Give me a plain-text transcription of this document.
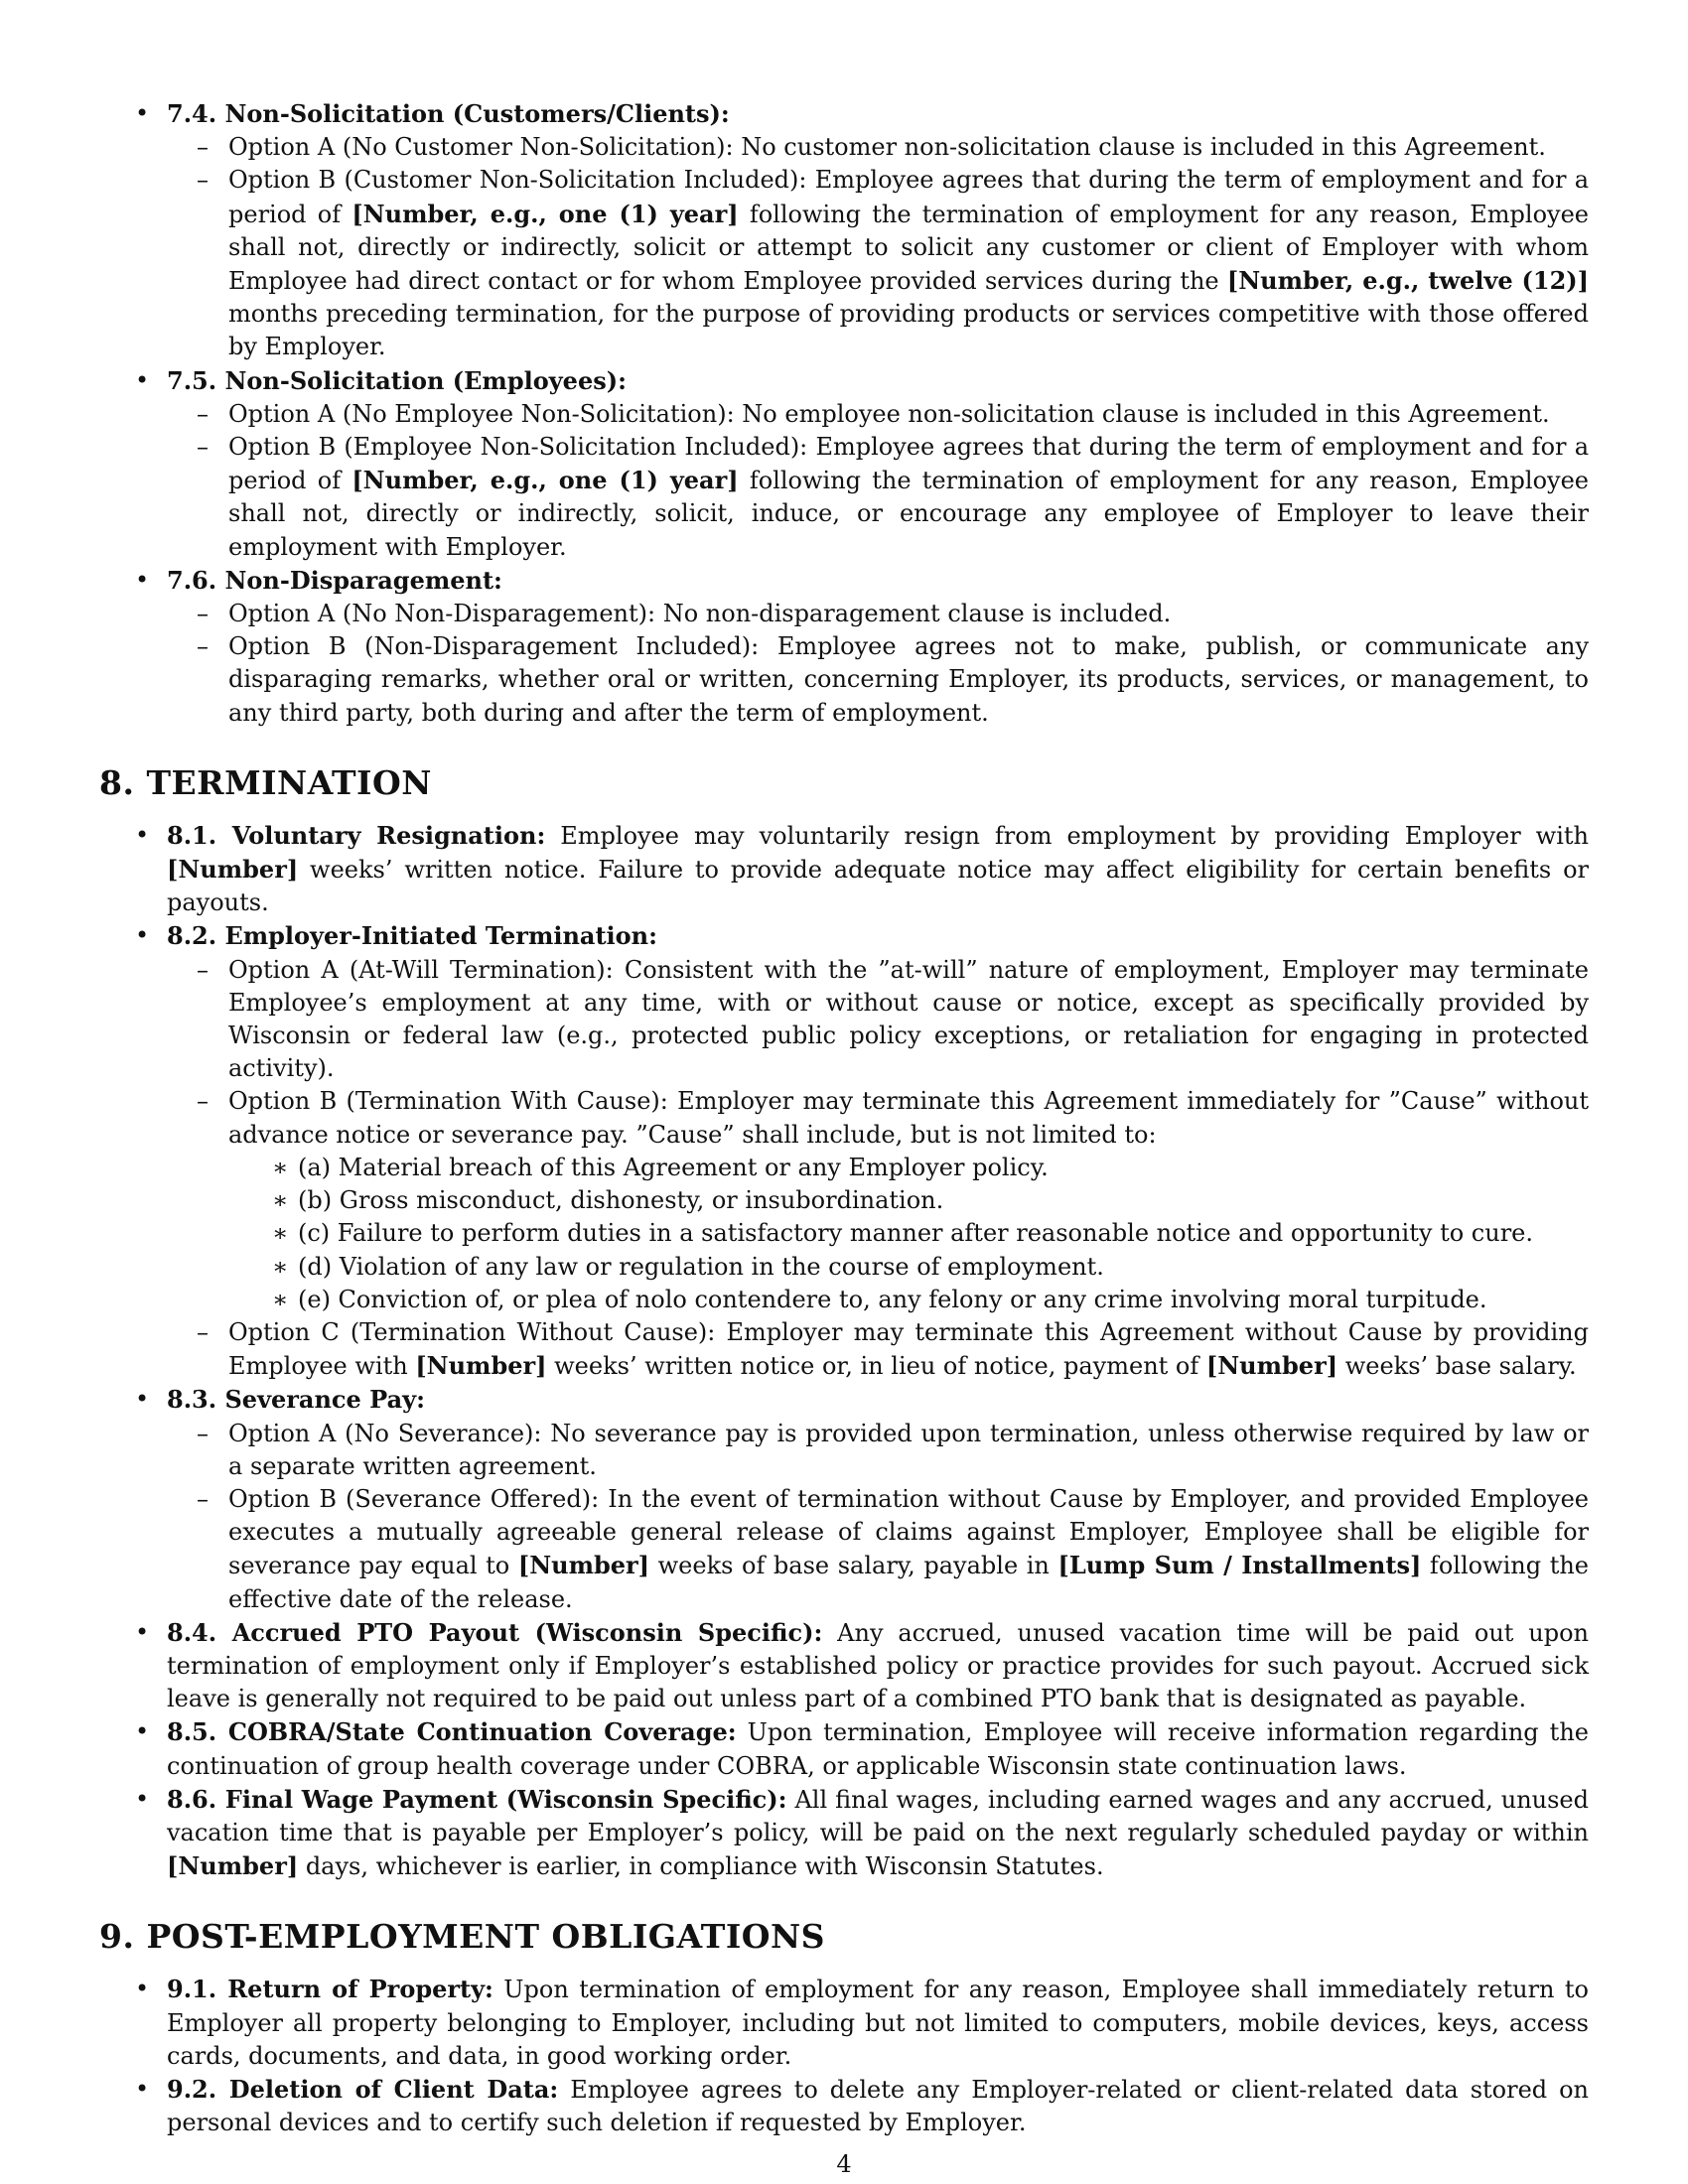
• 7.4. Non-Solicitation (Customers/Clients):
– Option A (No Customer Non-Solicitation): No customer non-solicitation clause is included in this Agreement.
– Option B (Customer Non-Solicitation Included): Employee agrees that during the term of employment and for a period of [Number, e.g., one (1) year] following the termination of employment for any reason, Employee shall not, directly or indirectly, solicit or attempt to solicit any customer or client of Employer with whom Employee had direct contact or for whom Employee provided services during the [Number, e.g., twelve (12)] months preceding termination, for the purpose of providing products or services competitive with those offered by Employer.
• 7.5. Non-Solicitation (Employees):
– Option A (No Employee Non-Solicitation): No employee non-solicitation clause is included in this Agreement.
– Option B (Employee Non-Solicitation Included): Employee agrees that during the term of employment and for a period of [Number, e.g., one (1) year] following the termination of employment for any reason, Employee shall not, directly or indirectly, solicit, induce, or encourage any employee of Employer to leave their employment with Employer.
• 7.6. Non-Disparagement:
– Option A (No Non-Disparagement): No non-disparagement clause is included.
– Option B (Non-Disparagement Included): Employee agrees not to make, publish, or communicate any disparaging remarks, whether oral or written, concerning Employer, its products, services, or management, to any third party, both during and after the term of employment.
8. TERMINATION
• 8.1. Voluntary Resignation: Employee may voluntarily resign from employment by providing Employer with [Number] weeks’ written notice. Failure to provide adequate notice may affect eligibility for certain benefits or payouts.
• 8.2. Employer-Initiated Termination:
– Option A (At-Will Termination): Consistent with the ”at-will” nature of employment, Employer may terminate Employee’s employment at any time, with or without cause or notice, except as specifically provided by Wisconsin or federal law (e.g., protected public policy exceptions, or retaliation for engaging in protected activity).
– Option B (Termination With Cause): Employer may terminate this Agreement immediately for ”Cause” without advance notice or severance pay. ”Cause” shall include, but is not limited to:
∗ (a) Material breach of this Agreement or any Employer policy.
∗ (b) Gross misconduct, dishonesty, or insubordination.
∗ (c) Failure to perform duties in a satisfactory manner after reasonable notice and opportunity to cure.
∗ (d) Violation of any law or regulation in the course of employment.
∗ (e) Conviction of, or plea of nolo contendere to, any felony or any crime involving moral turpitude.
– Option C (Termination Without Cause): Employer may terminate this Agreement without Cause by providing Employee with [Number] weeks’ written notice or, in lieu of notice, payment of [Number] weeks’ base salary.
• 8.3. Severance Pay:
– Option A (No Severance): No severance pay is provided upon termination, unless otherwise required by law or a separate written agreement.
– Option B (Severance Offered): In the event of termination without Cause by Employer, and provided Employee executes a mutually agreeable general release of claims against Employer, Employee shall be eligible for severance pay equal to [Number] weeks of base salary, payable in [Lump Sum / Installments] following the effective date of the release.
• 8.4. Accrued PTO Payout (Wisconsin Specific): Any accrued, unused vacation time will be paid out upon termination of employment only if Employer’s established policy or practice provides for such payout. Accrued sick leave is generally not required to be paid out unless part of a combined PTO bank that is designated as payable.
• 8.5. COBRA/State Continuation Coverage: Upon termination, Employee will receive information regarding the continuation of group health coverage under COBRA, or applicable Wisconsin state continuation laws.
• 8.6. Final Wage Payment (Wisconsin Specific): All final wages, including earned wages and any accrued, unused vacation time that is payable per Employer’s policy, will be paid on the next regularly scheduled payday or within [Number] days, whichever is earlier, in compliance with Wisconsin Statutes.
9. POST-EMPLOYMENT OBLIGATIONS
• 9.1. Return of Property: Upon termination of employment for any reason, Employee shall immediately return to Employer all property belonging to Employer, including but not limited to computers, mobile devices, keys, access cards, documents, and data, in good working order.
• 9.2. Deletion of Client Data: Employee agrees to delete any Employer-related or client-related data stored on personal devices and to certify such deletion if requested by Employer.
4
